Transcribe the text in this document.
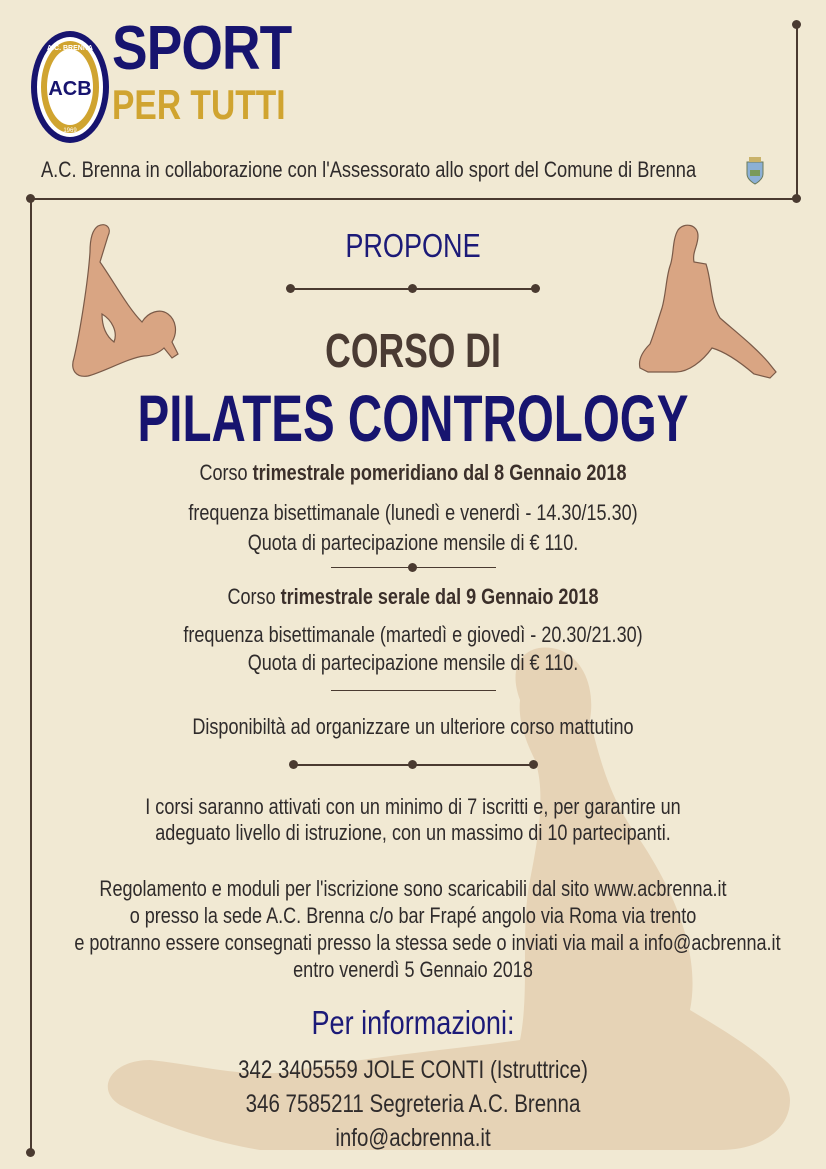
ACB
A.C. BRENNA
1969
SPORT
PER TUTTI
A.C. Brenna in collaborazione con l'Assessorato allo sport del Comune di Brenna
PROPONE
CORSO DI
PILATES CONTROLOGY
Corso trimestrale pomeridiano dal 8 Gennaio 2018
frequenza bisettimanale (lunedì e venerdì - 14.30/15.30)
Quota di partecipazione mensile di € 110.
Corso trimestrale serale dal 9 Gennaio 2018
frequenza bisettimanale (martedì e giovedì - 20.30/21.30)
Quota di partecipazione mensile di € 110.
Disponibiltà ad organizzare un ulteriore corso mattutino
I corsi saranno attivati con un minimo di 7 iscritti e, per garantire un
adeguato livello di istruzione, con un massimo di 10 partecipanti.
Regolamento e moduli per l'iscrizione sono scaricabili dal sito www.acbrenna.it
o presso la sede A.C. Brenna c/o bar Frapé angolo via Roma via trento
e potranno essere consegnati presso la stessa sede o inviati via mail a info@acbrenna.it
entro venerdì 5 Gennaio 2018
Per informazioni:
342 3405559 JOLE CONTI (Istruttrice)
346 7585211 Segreteria A.C. Brenna
info@acbrenna.it
